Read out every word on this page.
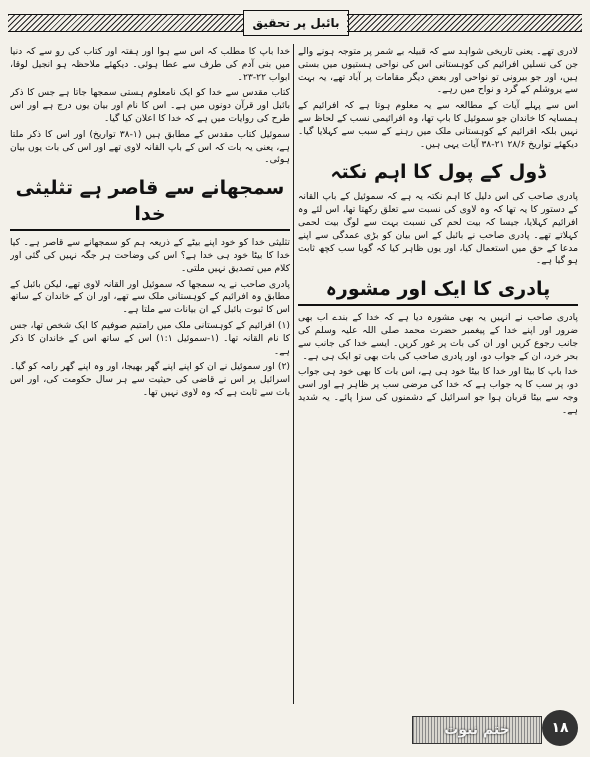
بائبل پر تحقیق

لادری تھے۔ یعنی تاریخی شواہد سے کہ قبیلہ بے شمر پر متوجہ ہونے والے جن کی نسلیں افرائیم کی کوہستانی اس کی نواحی ہستیوں میں بستی ہیں، اور جو بیرونی تو نواحی اور بعض دیگر مقامات پر آباد تھے، یہ بہت سے یروشلم کے گرد و نواح میں رہے۔

اس سے پہلے آیات کے مطالعہ سے یہ معلوم ہوتا ہے کہ افرائیم کے ہمسایہ کا خاندان جو سموئیل کا باپ تھا، وہ افرائیمی نسب کے لحاظ سے نہیں بلکہ افرائیم کے کوہستانی ملک میں رہنے کے سبب سے کہلایا گیا۔ دیکھئے تواریخ ۲۸/۶ ۲۱-۳۸ آیات یہی ہیں۔

ڈول کے پول کا اہم نکتہ

پادری صاحب کی اس دلیل کا اہم نکتہ یہ ہے کہ سموئیل کے باپ القانہ کے دستور کا یہ تھا کہ وہ لاوی کی نسبت سے تعلق رکھتا تھا، اس لئے وہ افرائیم کہلایا، جیسا کہ بیت لحم کی نسبت بہت سے لوگ بیت لحمی کہلاتے تھے۔ پادری صاحب نے بائبل کے اس بیان کو بڑی عمدگی سے اپنے مدعا کے حق میں استعمال کیا، اور یوں ظاہر کیا کہ گویا سب کچھ ثابت ہو گیا ہے۔

پادری کا ایک اور مشورہ

پادری صاحب نے انہیں یہ بھی مشورہ دیا ہے کہ خدا کے بندے اب بھی ضرور اور اپنے خدا کے پیغمبر حضرت محمد صلی اللہ علیہ وسلم کی جانب رجوع کریں اور ان کی بات پر غور کریں۔ ایسے خدا کی جانب سے بحر خرد، ان کے جواب دو، اور پادری صاحب کی بات بھی تو ایک ہی ہے۔

خدا باپ کا بیٹا اور خدا کا بیٹا خود ہی ہے، اس بات کا بھی خود ہی جواب دو، پر سب کا یہ جواب ہے کہ خدا کی مرضی سب پر ظاہر ہے اور اسی وجہ سے بیٹا قربان ہوا جو اسرائیل کے دشمنوں کی سزا پائے۔ یہ شدید ہے۔

خدا باپ کا مطلب کہ اس سے ہوا اور ہفتہ اور کتاب کی رو سے کہ دنیا میں بنی آدم کی طرف سے عطا ہوئی۔ دیکھئے ملاحظہ ہو انجیل لوقا، ابواب ۲۲-۲۳۔

کتاب مقدس سے خدا کو ایک نامعلوم ہستی سمجھا جاتا ہے جس کا ذکر بائبل اور قرآن دونوں میں ہے۔ اس کا نام اور بیان یوں درج ہے اور اس طرح کی روایات میں ہے کہ خدا کا اعلان کیا گیا۔

سموئیل کتاب مقدس کے مطابق ہیں (۱-۳۸ تواریخ) اور اس کا ذکر ملتا ہے، یعنی یہ بات کہ اس کے باپ القانہ لاوی تھے اور اس کی بات یوں بیان ہوئی۔

سمجھانے سے قاصر ہے تثلیثی خدا

تثلیثی خدا کو خود اپنے بیٹے کے ذریعہ ہم کو سمجھانے سے قاصر ہے۔ کیا خدا کا بیٹا خود ہی خدا ہے؟ اس کی وضاحت ہر جگہ نہیں کی گئی اور کلام میں تصدیق نہیں ملتی۔

پادری صاحب نے یہ سمجھا کہ سموئیل اور القانہ لاوی تھے، لیکن بائبل کے مطابق وہ افرائیم کے کوہستانی ملک سے تھے، اور ان کے خاندان کے ساتھ اس کا ثبوت بائبل کے ان بیانات سے ملتا ہے۔

(۱) افرائیم کے کوہستانی ملک میں رامتیم صوفیم کا ایک شخص تھا، جس کا نام القانہ تھا۔ (۱-سموئیل ۱:۱) اس کے ساتھ اس کے خاندان کا ذکر ہے۔

(۲) اور سموئیل نے ان کو اپنے اپنے گھر بھیجا، اور وہ اپنے گھر رامہ کو گیا۔ اسرائیل پر اس نے قاضی کی حیثیت سے ہر سال حکومت کی، اور اس بات سے ثابت ہے کہ وہ لاوی نہیں تھا۔

ختم نبوت	۱۸
